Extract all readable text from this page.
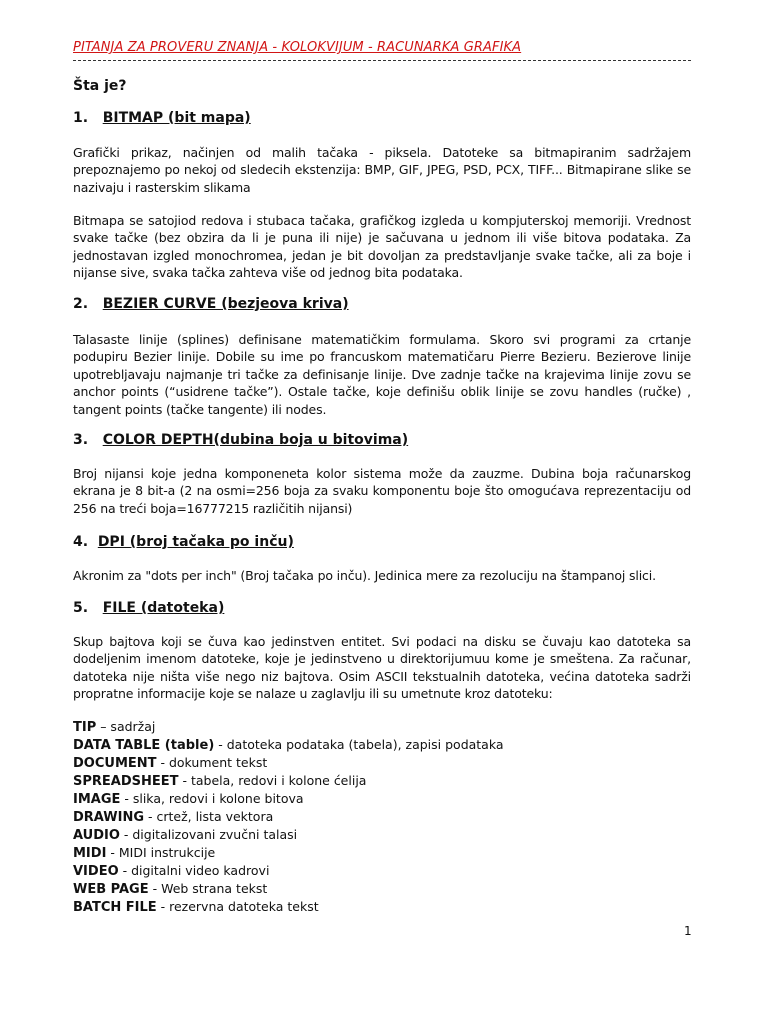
PITANJA ZA PROVERU ZNANJA - KOLOKVIJUM - RACUNARKA GRAFIKA
Šta je?
1. BITMAP (bit mapa)
Grafički prikaz, načinjen od malih tačaka - piksela. Datoteke sa bitmapiranim sadržajem prepoznajemo po nekoj od sledecih ekstenzija: BMP, GIF, JPEG, PSD, PCX, TIFF... Bitmapirane slike se nazivaju i rasterskim slikama
Bitmapa se satojiod redova i stubaca tačaka, grafičkog izgleda u kompjuterskoj memoriji. Vrednost svake tačke (bez obzira da li je puna ili nije) je sačuvana u jednom ili više bitova podataka. Za jednostavan izgled monochromea, jedan je bit dovoljan za predstavljanje svake tačke, ali za boje i nijanse sive, svaka tačka zahteva više od jednog bita podataka.
2. BEZIER CURVE (bezjeova kriva)
Talasaste linije (splines) definisane matematičkim formulama. Skoro svi programi za crtanje podupiru Bezier linije. Dobile su ime po francuskom matematičaru Pierre Bezieru. Bezierove linije upotrebljavaju najmanje tri tačke za definisanje linije. Dve zadnje tačke na krajevima linije zovu se anchor points (“usidrene tačke”). Ostale tačke, koje definišu oblik linije se zovu handles (ručke) , tangent points (tačke tangente) ili nodes.
3. COLOR DEPTH(dubina boja u bitovima)
Broj nijansi koje jedna komponeneta kolor sistema može da zauzme. Dubina boja računarskog ekrana je 8 bit-a (2 na osmi=256 boja za svaku komponentu boje što omogućava reprezentaciju od 256 na treći boja=16777215 različitih nijansi)
4. DPI (broj tačaka po inču)
Akronim za "dots per inch" (Broj tačaka po inču). Jedinica mere za rezoluciju na štampanoj slici.
5. FILE (datoteka)
Skup bajtova koji se čuva kao jedinstven entitet. Svi podaci na disku se čuvaju kao datoteka sa dodeljenim imenom datoteke, koje je jedinstveno u direktorijumuu kome je smeštena. Za računar, datoteka nije ništa više nego niz bajtova. Osim ASCII tekstualnih datoteka, većina datoteka sadrži propratne informacije koje se nalaze u zaglavlju ili su umetnute kroz datoteku:
TIP – sadržaj
DATA TABLE (table) - datoteka podataka (tabela), zapisi podataka
DOCUMENT - dokument tekst
SPREADSHEET - tabela, redovi i kolone ćelija
IMAGE - slika, redovi i kolone bitova
DRAWING - crtež, lista vektora
AUDIO - digitalizovani zvučni talasi
MIDI - MIDI instrukcije
VIDEO - digitalni video kadrovi
WEB PAGE - Web strana tekst
BATCH FILE - rezervna datoteka tekst
1
